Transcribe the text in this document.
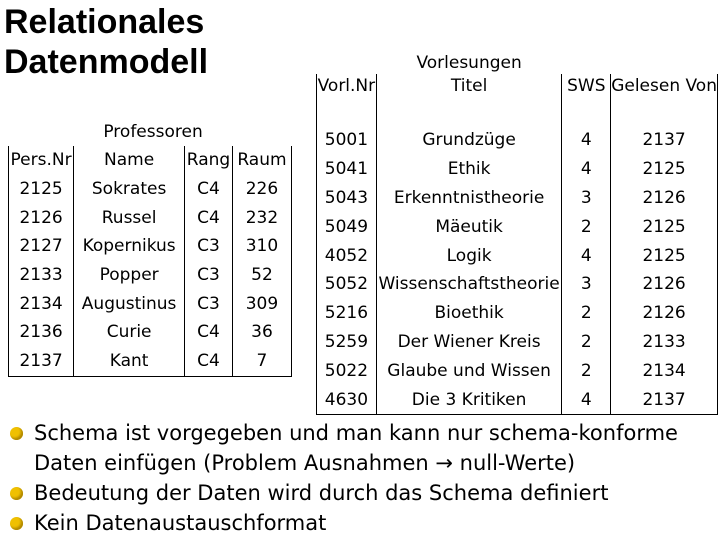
Relationales
Datenmodell
	Professoren		
Pers.Nr	Name	Rang	Raum
2125	Sokrates	C4	226
2126	Russel	C4	232
2127	Kopernikus	C3	310
2133	Popper	C3	52
2134	Augustinus	C3	309
2136	Curie	C4	36
2137	Kant	C4	7
	Vorlesungen		
Vorl.Nr	Titel	SWS	Gelesen Von
5001	Grundzüge	4	2137
5041	Ethik	4	2125
5043	Erkenntnistheorie	3	2126
5049	Mäeutik	2	2125
4052	Logik	4	2125
5052	Wissenschaftstheorie	3	2126
5216	Bioethik	2	2126
5259	Der Wiener Kreis	2	2133
5022	Glaube und Wissen	2	2134
4630	Die 3 Kritiken	4	2137
Schema ist vorgegeben und man kann nur schema-konforme Daten einfügen (Problem Ausnahmen → null-Werte)
Bedeutung der Daten wird durch das Schema definiert
Kein Datenaustauschformat
